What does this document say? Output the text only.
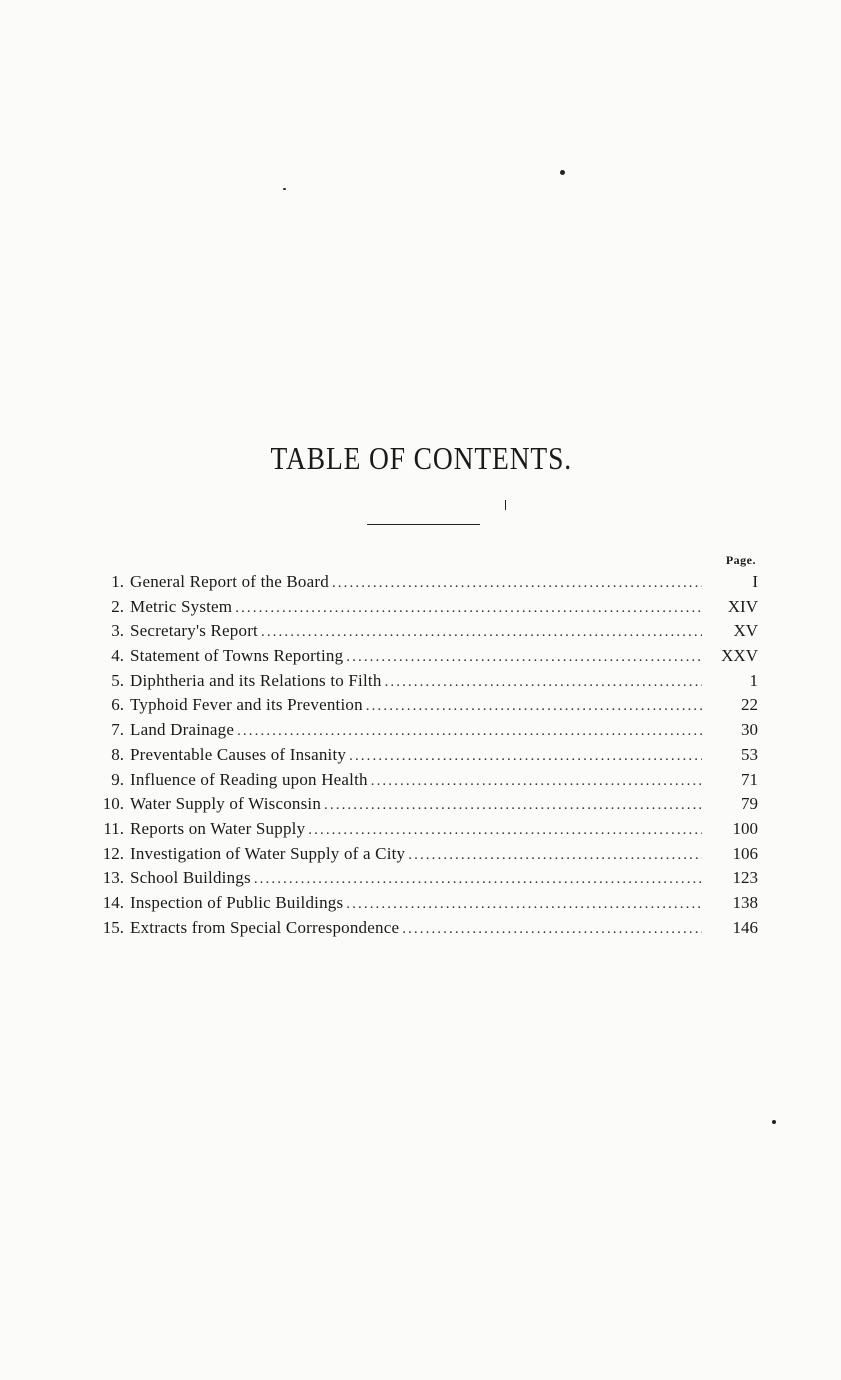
TABLE OF CONTENTS.
Page.
1. General Report of the Board .....	I
2. Metric System .....	XIV
3. Secretary's Report .....	XV
4. Statement of Towns Reporting .....	XXV
5. Diphtheria and its Relations to Filth .....	1
6. Typhoid Fever and its Prevention .....	22
7. Land Drainage .....	30
8. Preventable Causes of Insanity .....	53
9. Influence of Reading upon Health .....	71
10. Water Supply of Wisconsin .....	79
11. Reports on Water Supply .....	100
12. Investigation of Water Supply of a City .....	106
13. School Buildings .....	123
14. Inspection of Public Buildings .....	138
15. Extracts from Special Correspondence .....	146
